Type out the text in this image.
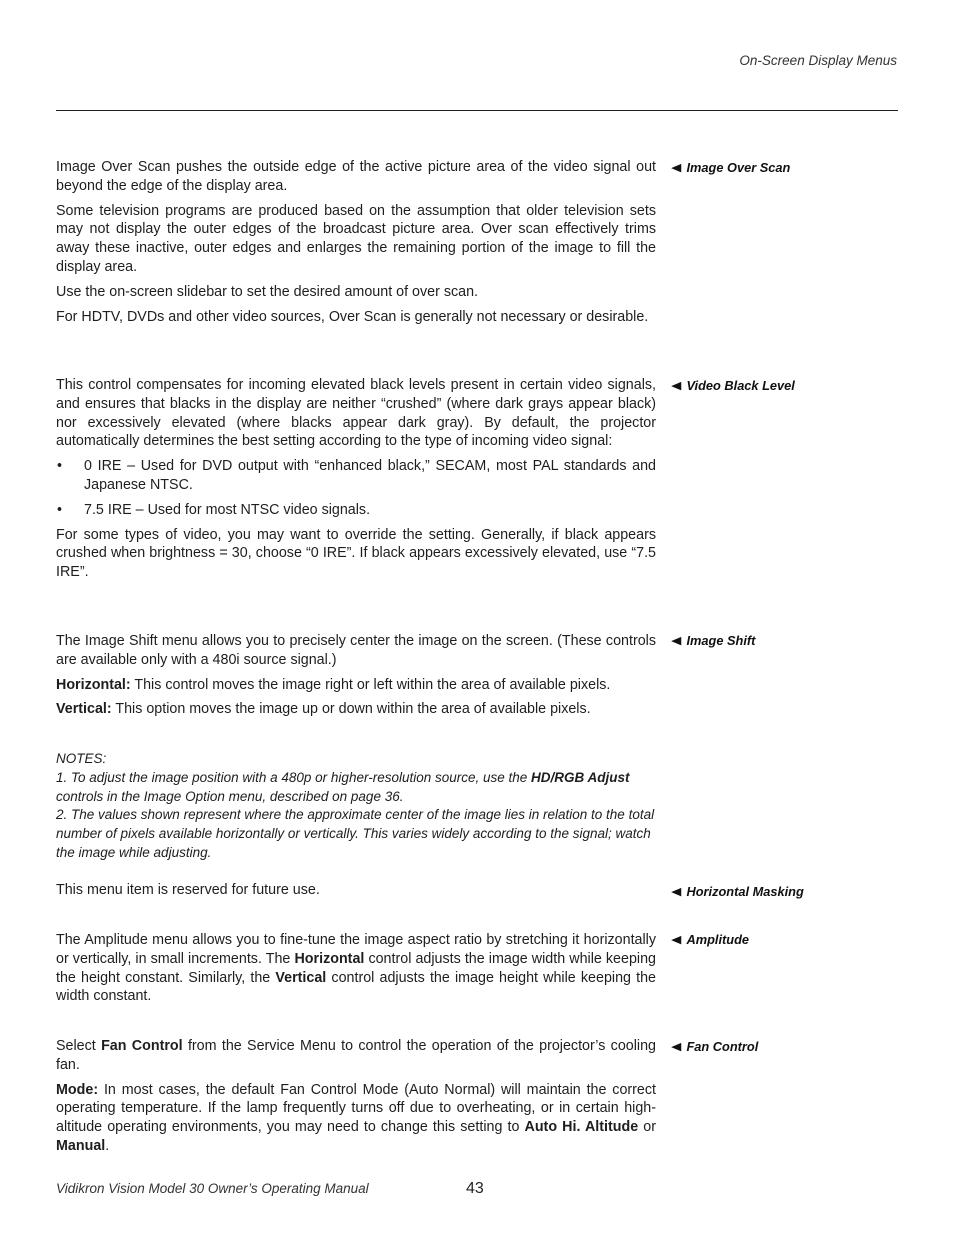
On-Screen Display Menus

Image Over Scan pushes the outside edge of the active picture area of the video signal out beyond the edge of the display area.

Some television programs are produced based on the assumption that older television sets may not display the outer edges of the broadcast picture area. Over scan effectively trims away these inactive, outer edges and enlarges the remaining portion of the image to fill the display area.

Use the on-screen slidebar to set the desired amount of over scan.

For HDTV, DVDs and other video sources, Over Scan is generally not necessary or desirable.

◀ Image Over Scan

This control compensates for incoming elevated black levels present in certain video signals, and ensures that blacks in the display are neither “crushed” (where dark grays appear black) nor excessively elevated (where blacks appear dark gray). By default, the projector automatically determines the best setting according to the type of incoming video signal:

• 0 IRE – Used for DVD output with “enhanced black,” SECAM, most PAL standards and Japanese NTSC.
• 7.5 IRE – Used for most NTSC video signals.

For some types of video, you may want to override the setting. Generally, if black appears crushed when brightness = 30, choose “0 IRE”. If black appears excessively elevated, use “7.5 IRE”.

◀ Video Black Level

The Image Shift menu allows you to precisely center the image on the screen. (These controls are available only with a 480i source signal.)

Horizontal: This control moves the image right or left within the area of available pixels.

Vertical: This option moves the image up or down within the area of available pixels.

◀ Image Shift
NOTES:
1. To adjust the image position with a 480p or higher-resolution source, use the HD/RGB Adjust controls in the Image Option menu, described on page 36.
2. The values shown represent where the approximate center of the image lies in relation to the total number of pixels available horizontally or vertically. This varies widely according to the signal; watch the image while adjusting.

This menu item is reserved for future use.	◀ Horizontal Masking

The Amplitude menu allows you to fine-tune the image aspect ratio by stretching it horizontally or vertically, in small increments. The Horizontal control adjusts the image width while keeping the height constant. Similarly, the Vertical control adjusts the image height while keeping the width constant.

◀ Amplitude

Select Fan Control from the Service Menu to control the operation of the projector’s cooling fan.

Mode: In most cases, the default Fan Control Mode (Auto Normal) will maintain the correct operating temperature. If the lamp frequently turns off due to overheating, or in certain high-altitude operating environments, you may need to change this setting to Auto Hi. Altitude or Manual.

◀ Fan Control
Vidikron Vision Model 30 Owner’s Operating Manual	43
